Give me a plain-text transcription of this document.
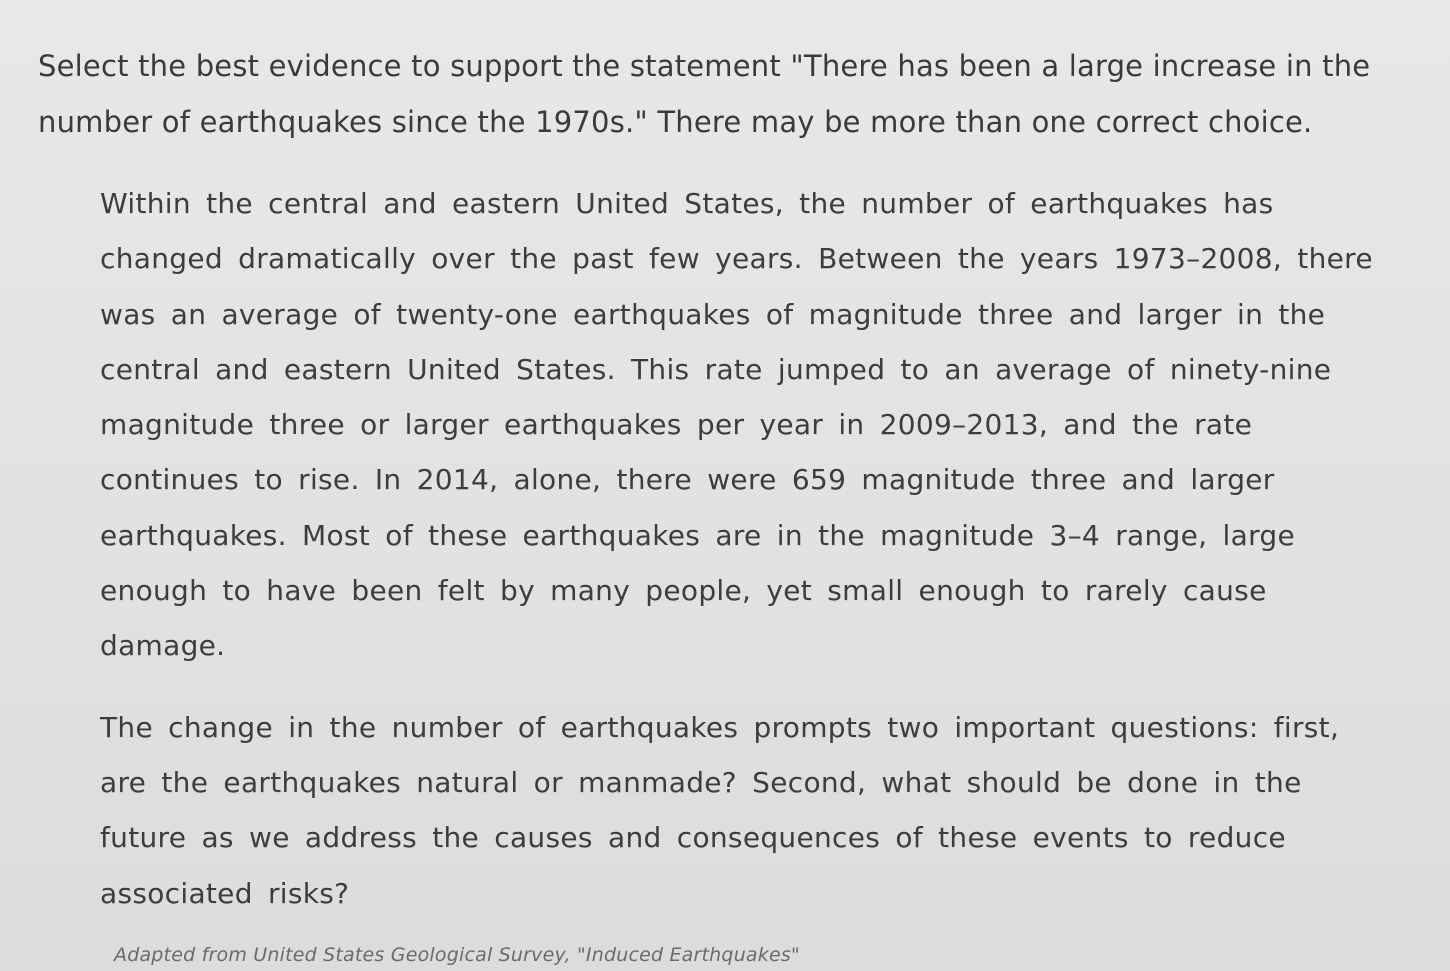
Select the best evidence to support the statement "There has been a large increase in the
number of earthquakes since the 1970s." There may be more than one correct choice.

Within the central and eastern United States, the number of earthquakes has
changed dramatically over the past few years. Between the years 1973–2008, there
was an average of twenty-one earthquakes of magnitude three and larger in the
central and eastern United States. This rate jumped to an average of ninety-nine
magnitude three or larger earthquakes per year in 2009–2013, and the rate
continues to rise. In 2014, alone, there were 659 magnitude three and larger
earthquakes. Most of these earthquakes are in the magnitude 3–4 range, large
enough to have been felt by many people, yet small enough to rarely cause
damage.

The change in the number of earthquakes prompts two important questions: first,
are the earthquakes natural or manmade? Second, what should be done in the
future as we address the causes and consequences of these events to reduce
associated risks?

Adapted from United States Geological Survey, "Induced Earthquakes"
